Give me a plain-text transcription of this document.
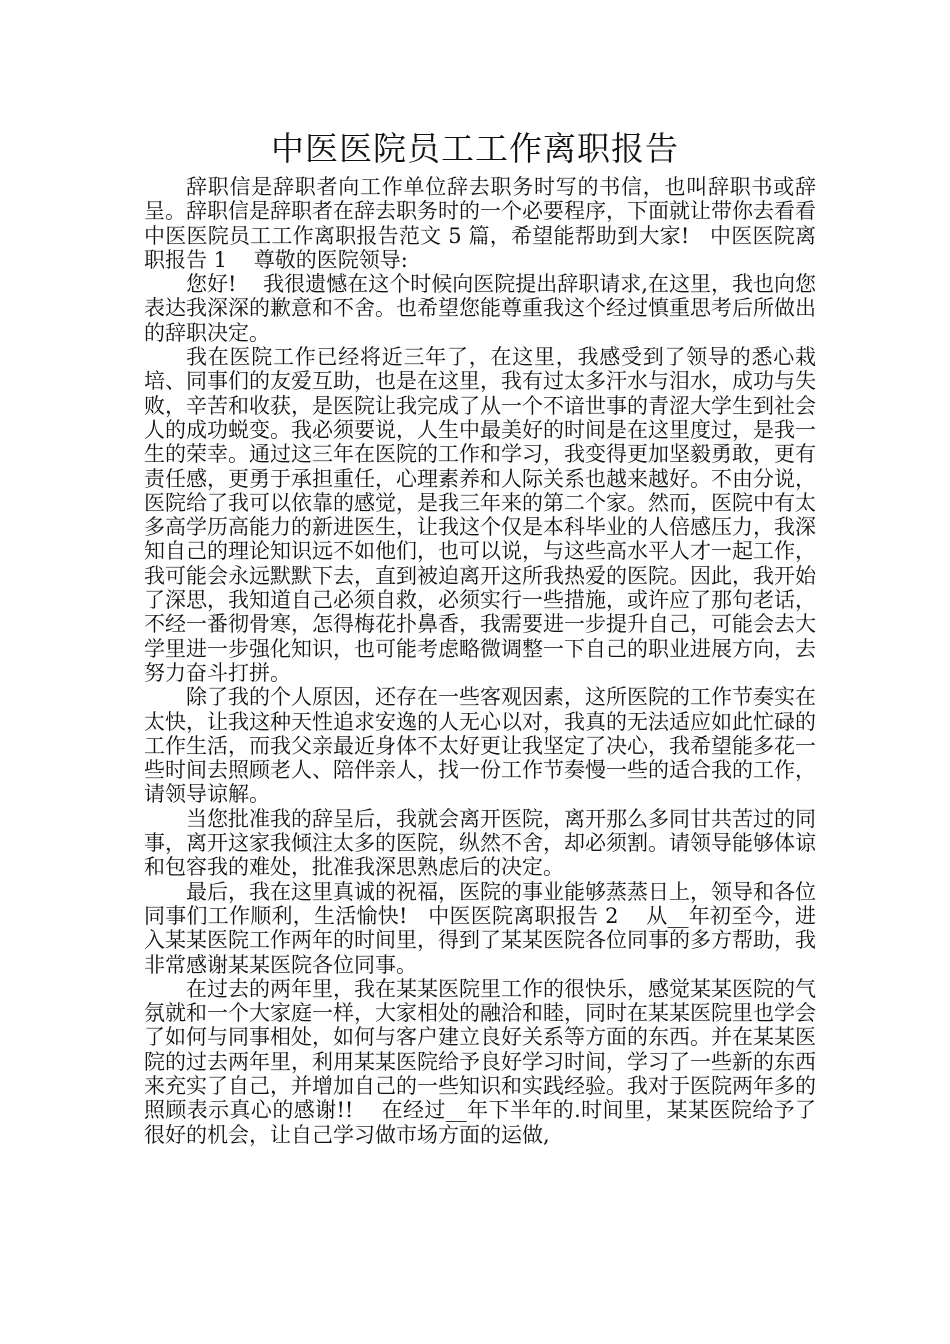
中医医院员工工作离职报告

辞职信是辞职者向工作单位辞去职务时写的书信，也叫辞职书或辞呈。辞职信是辞职者在辞去职务时的一个必要程序，下面就让带你去看看中医医院员工工作离职报告范文 5 篇，希望能帮助到大家!   中医医院离职报告 1    尊敬的医院领导:

您好!    我很遗憾在这个时候向医院提出辞职请求,在这里，我也向您表达我深深的歉意和不舍。也希望您能尊重我这个经过慎重思考后所做出的辞职决定。

我在医院工作已经将近三年了，在这里，我感受到了领导的悉心栽培、同事们的友爱互助，也是在这里，我有过太多汗水与泪水，成功与失败，辛苦和收获，是医院让我完成了从一个不谙世事的青涩大学生到社会人的成功蜕变。我必须要说，人生中最美好的时间是在这里度过，是我一生的荣幸。通过这三年在医院的工作和学习，我变得更加坚毅勇敢，更有责任感，更勇于承担重任，心理素养和人际关系也越来越好。不由分说，医院给了我可以依靠的感觉，是我三年来的第二个家。然而，医院中有太多高学历高能力的新进医生，让我这个仅是本科毕业的人倍感压力，我深知自己的理论知识远不如他们，也可以说，与这些高水平人才一起工作，我可能会永远默默下去，直到被迫离开这所我热爱的医院。因此，我开始了深思，我知道自己必须自救，必须实行一些措施，或许应了那句老话，不经一番彻骨寒，怎得梅花扑鼻香，我需要进一步提升自己，可能会去大学里进一步强化知识，也可能考虑略微调整一下自己的职业进展方向，去努力奋斗打拼。

除了我的个人原因，还存在一些客观因素，这所医院的工作节奏实在太快，让我这种天性追求安逸的人无心以对，我真的无法适应如此忙碌的工作生活，而我父亲最近身体不太好更让我坚定了决心，我希望能多花一些时间去照顾老人、陪伴亲人，找一份工作节奏慢一些的适合我的工作，请领导谅解。

当您批准我的辞呈后，我就会离开医院，离开那么多同甘共苦过的同事，离开这家我倾注太多的医院，纵然不舍，却必须割。请领导能够体谅和包容我的难处，批准我深思熟虑后的决定。

最后，我在这里真诚的祝福，医院的事业能够蒸蒸日上，领导和各位同事们工作顺利，生活愉快!   中医医院离职报告 2    从__年初至今，进入某某医院工作两年的时间里，得到了某某医院各位同事的多方帮助，我非常感谢某某医院各位同事。

在过去的两年里，我在某某医院里工作的很快乐，感觉某某医院的气氛就和一个大家庭一样，大家相处的融洽和睦，同时在某某医院里也学会了如何与同事相处，如何与客户建立良好关系等方面的东西。并在某某医院的过去两年里，利用某某医院给予良好学习时间，学习了一些新的东西来充实了自己，并增加自己的一些知识和实践经验。我对于医院两年多的照顾表示真心的感谢!!    在经过__年下半年的.时间里，某某医院给予了很好的机会，让自己学习做市场方面的运做,
